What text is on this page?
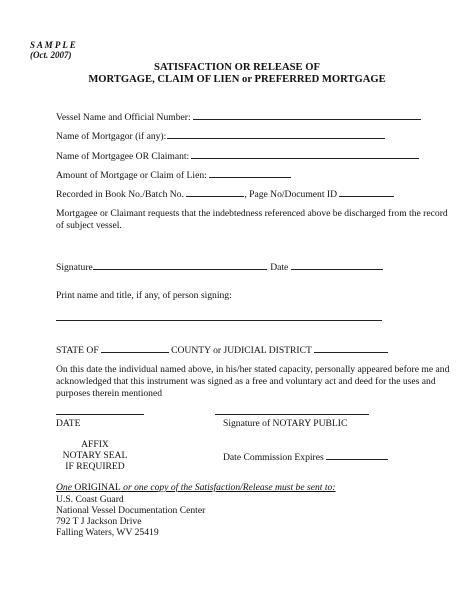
S A M P L E
(Oct. 2007)
SATISFACTION OR RELEASE OF
MORTGAGE, CLAIM OF LIEN or PREFERRED MORTGAGE
Vessel Name and Official Number:
Name of Mortgagor (if any):
Name of Mortgagee OR Claimant:
Amount of Mortgage or Claim of Lien:
Recorded in Book No./Batch No.	, Page No/Document ID
Mortgagee or Claimant requests that the indebtedness referenced above be discharged from the record of subject vessel.
Signature	Date
Print name and title, if any, of person signing:
STATE OF	COUNTY or JUDICIAL DISTRICT
On this date the individual named above, in his/her stated capacity, personally appeared before me and acknowledged that this instrument was signed as a free and voluntary act and deed for the uses and purposes therein mentioned
DATE	Signature of NOTARY PUBLIC
AFFIX
NOTARY SEAL
IF REQUIRED
Date Commission Expires
One ORIGINAL or one copy of the Satisfaction/Release must be sent to:
U.S. Coast Guard
National Vessel Documentation Center
792 T J Jackson Drive
Falling Waters, WV 25419
